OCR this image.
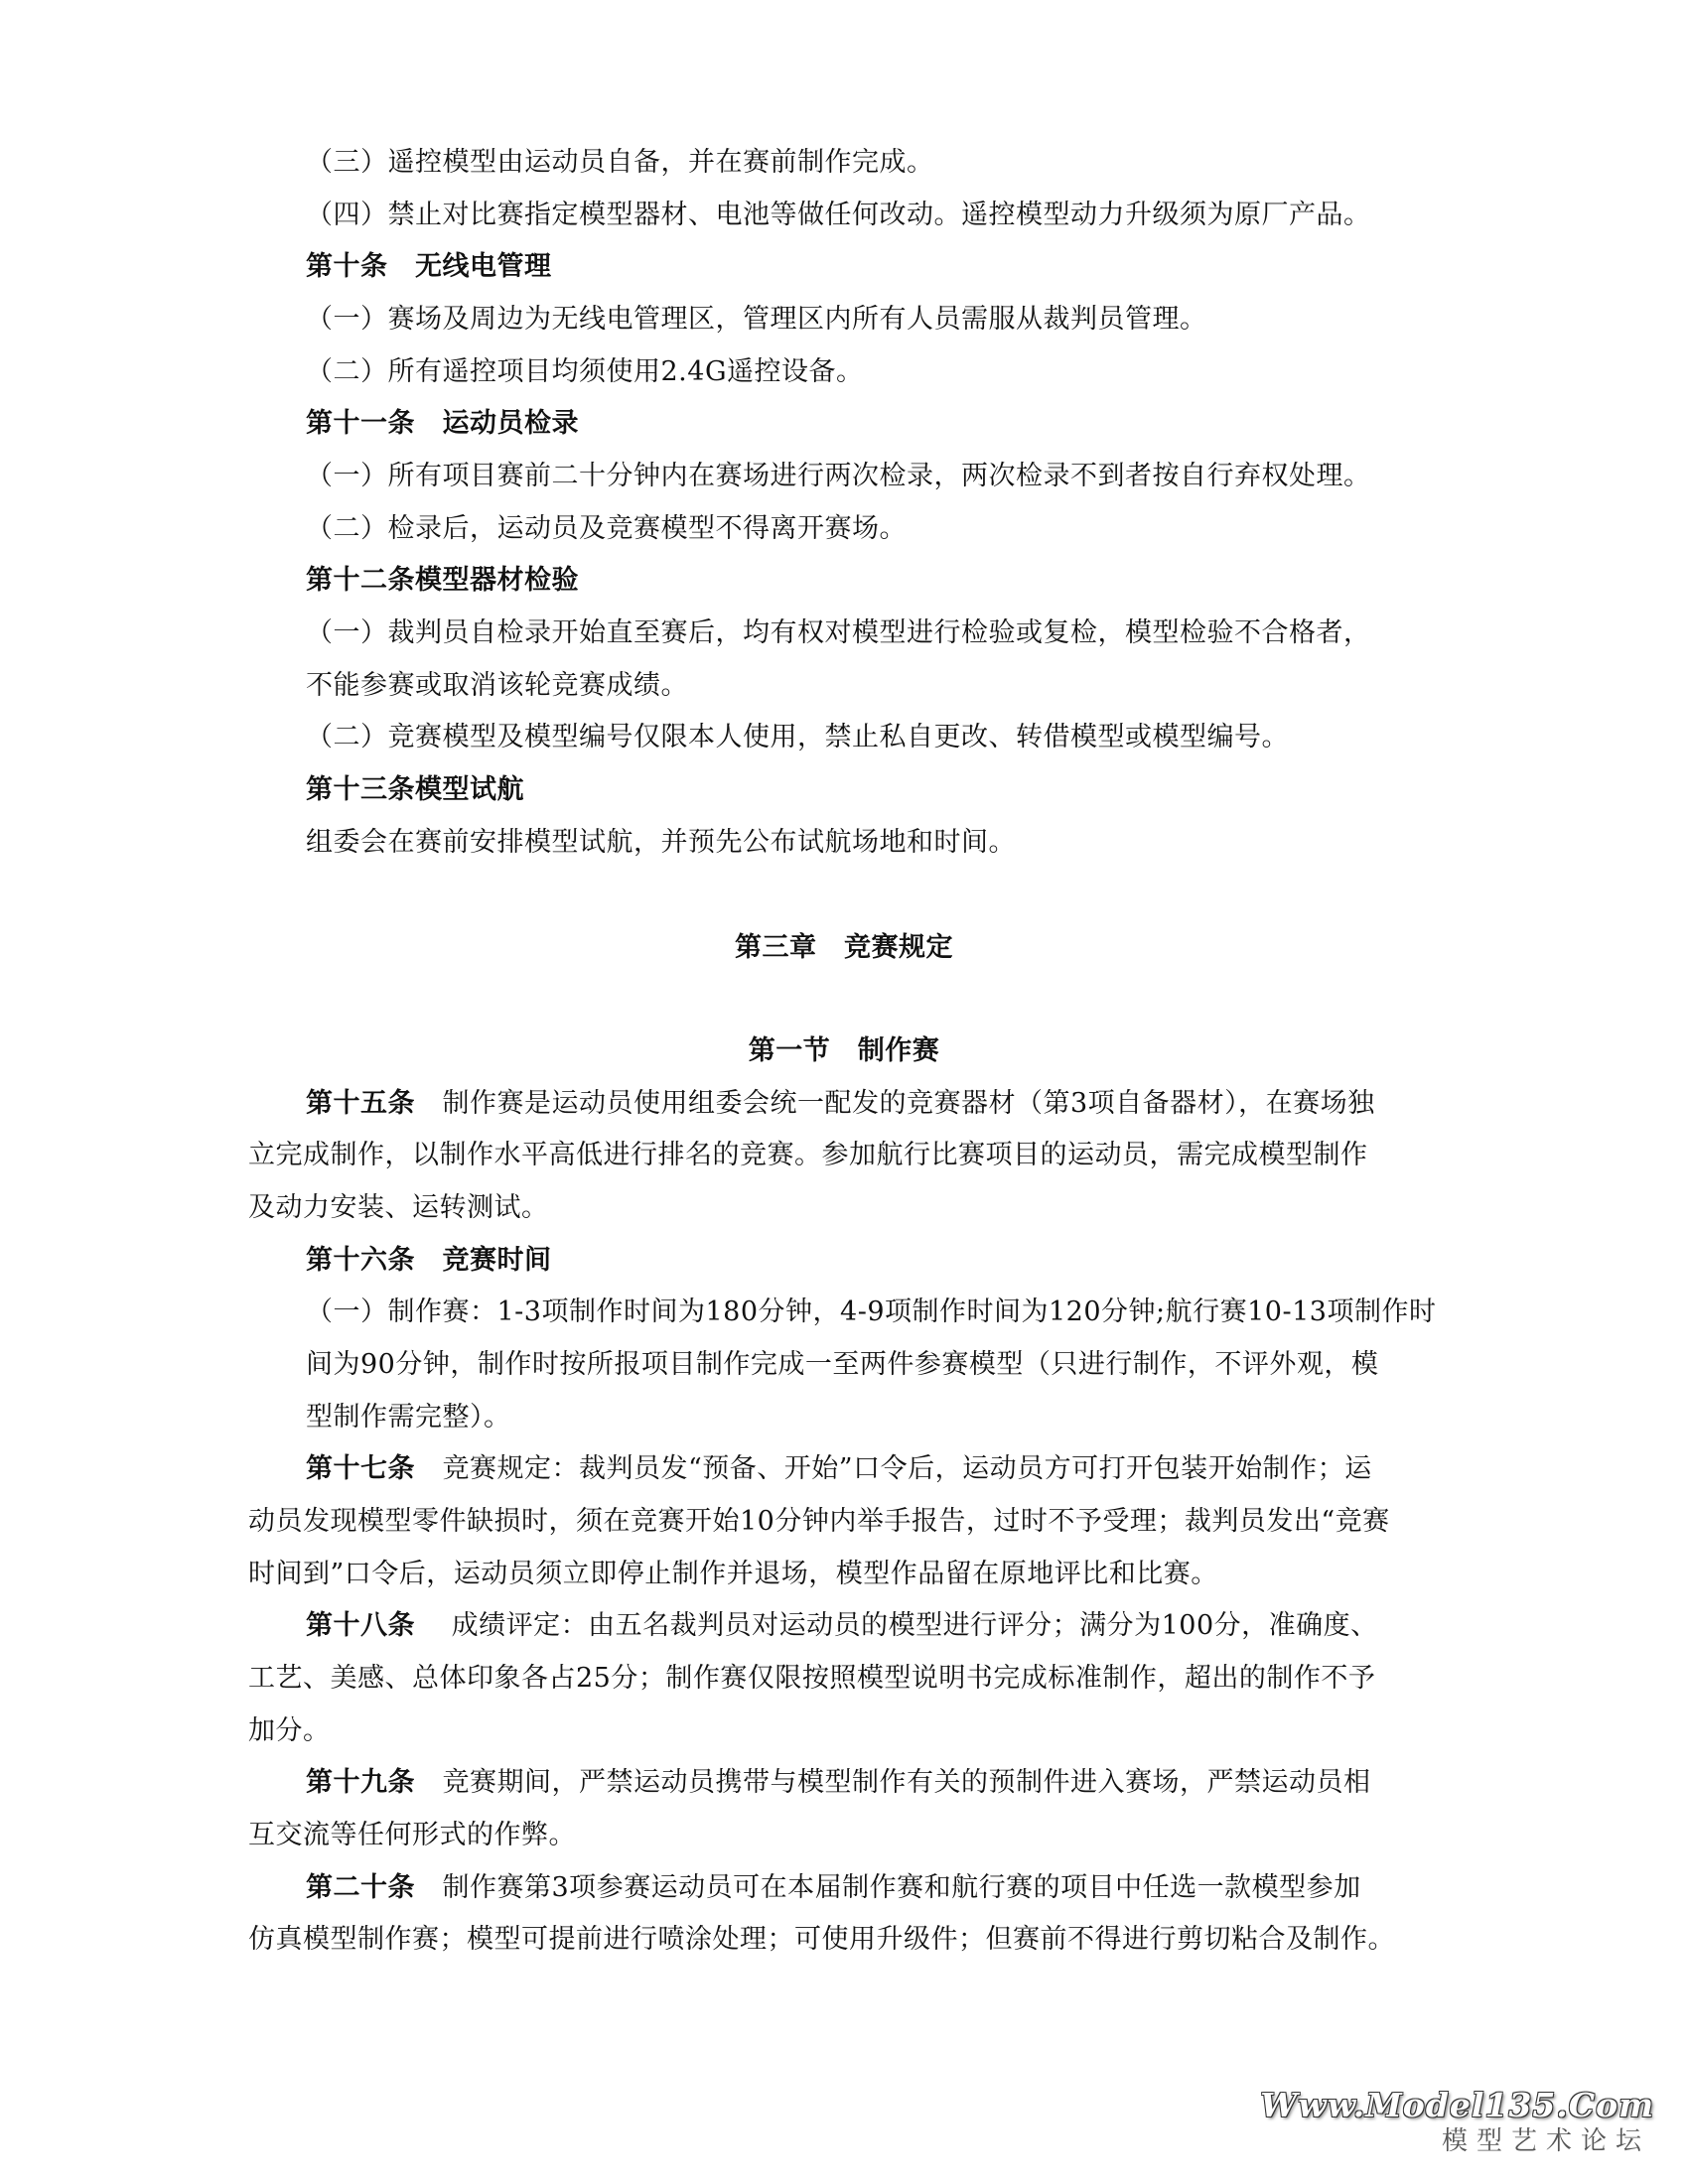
（三）遥控模型由运动员自备，并在赛前制作完成。
（四）禁止对比赛指定模型器材、电池等做任何改动。遥控模型动力升级须为原厂产品。
第十条　无线电管理
（一）赛场及周边为无线电管理区，管理区内所有人员需服从裁判员管理。
（二）所有遥控项目均须使用2.4G遥控设备。
第十一条　运动员检录
（一）所有项目赛前二十分钟内在赛场进行两次检录，两次检录不到者按自行弃权处理。
（二）检录后，运动员及竞赛模型不得离开赛场。
第十二条模型器材检验
（一）裁判员自检录开始直至赛后，均有权对模型进行检验或复检，模型检验不合格者，
不能参赛或取消该轮竞赛成绩。
（二）竞赛模型及模型编号仅限本人使用，禁止私自更改、转借模型或模型编号。
第十三条模型试航
组委会在赛前安排模型试航，并预先公布试航场地和时间。
第三章　竞赛规定
第一节　制作赛
第十五条　制作赛是运动员使用组委会统一配发的竞赛器材（第3项自备器材），在赛场独
立完成制作，以制作水平高低进行排名的竞赛。参加航行比赛项目的运动员，需完成模型制作
及动力安装、运转测试。
第十六条　竞赛时间
（一）制作赛：1-3项制作时间为180分钟，4-9项制作时间为120分钟;航行赛10-13项制作时
间为90分钟，制作时按所报项目制作完成一至两件参赛模型（只进行制作，不评外观，模
型制作需完整）。
第十七条　竞赛规定：裁判员发“预备、开始”口令后，运动员方可打开包装开始制作；运
动员发现模型零件缺损时，须在竞赛开始10分钟内举手报告，过时不予受理；裁判员发出“竞赛
时间到”口令后，运动员须立即停止制作并退场，模型作品留在原地评比和比赛。
第十八条　 成绩评定：由五名裁判员对运动员的模型进行评分；满分为100分，准确度、
工艺、美感、总体印象各占25分；制作赛仅限按照模型说明书完成标准制作，超出的制作不予
加分。
第十九条　竞赛期间，严禁运动员携带与模型制作有关的预制件进入赛场，严禁运动员相
互交流等任何形式的作弊。
第二十条　制作赛第3项参赛运动员可在本届制作赛和航行赛的项目中任选一款模型参加
仿真模型制作赛；模型可提前进行喷涂处理；可使用升级件；但赛前不得进行剪切粘合及制作。
Www.Model135.Com
模型艺术论坛
